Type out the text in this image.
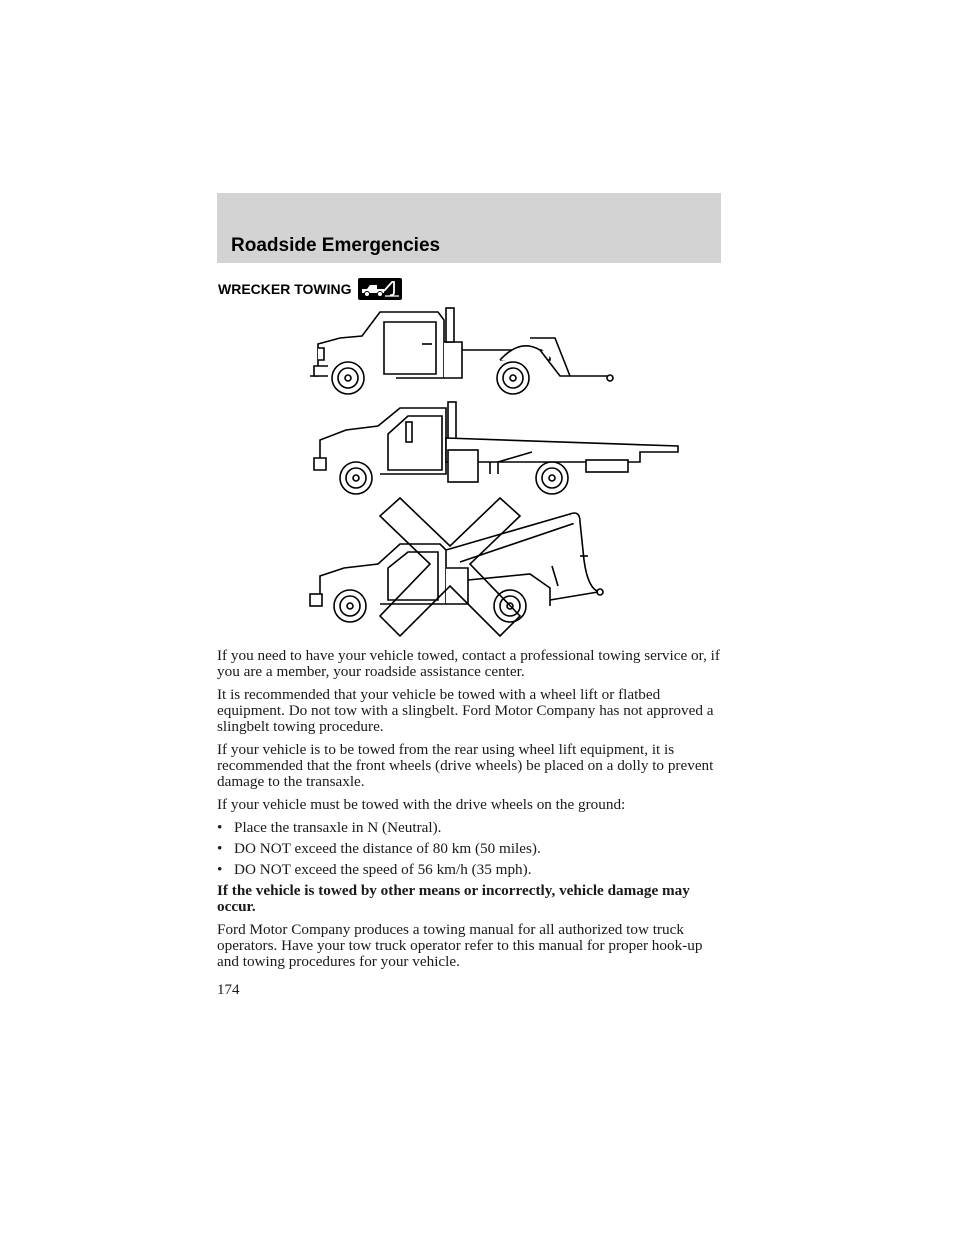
Roadside Emergencies
WRECKER TOWING

If you need to have your vehicle towed, contact a professional towing service or, if you are a member, your roadside assistance center.

It is recommended that your vehicle be towed with a wheel lift or flatbed equipment. Do not tow with a slingbelt. Ford Motor Company has not approved a slingbelt towing procedure.

If your vehicle is to be towed from the rear using wheel lift equipment, it is recommended that the front wheels (drive wheels) be placed on a dolly to prevent damage to the transaxle.

If your vehicle must be towed with the drive wheels on the ground:

• Place the transaxle in N (Neutral).
• DO NOT exceed the distance of 80 km (50 miles).
• DO NOT exceed the speed of 56 km/h (35 mph).

If the vehicle is towed by other means or incorrectly, vehicle damage may occur.

Ford Motor Company produces a towing manual for all authorized tow truck operators. Have your tow truck operator refer to this manual for proper hook-up and towing procedures for your vehicle.

174
